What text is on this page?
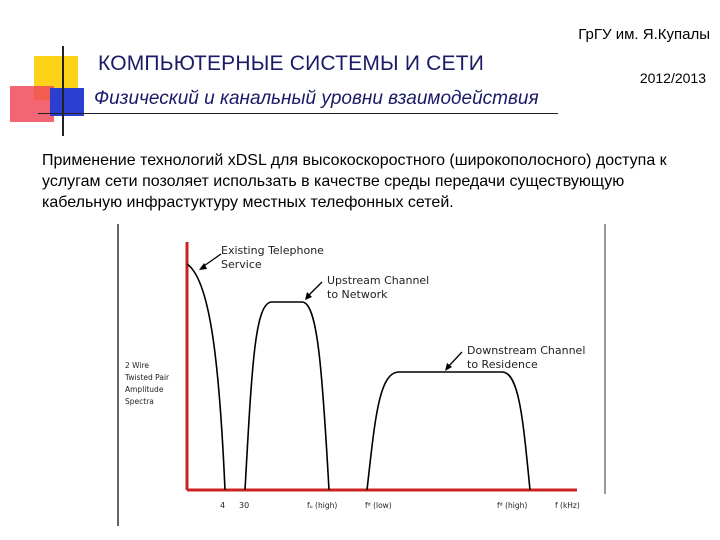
ГрГУ им. Я.Купалы
2012/2013
КОМПЬЮТЕРНЫЕ СИСТЕМЫ И СЕТИ
Физический и канальный уровни взаимодействия
Применение технологий xDSL для высокоскоростного (широкополосного) доступа к услугам сети позоляет использать в качестве среды передачи существующую кабельную инфрастуктуру местных телефонных сетей.
Existing Telephone
Service
Upstream Channel
to Network
Downstream Channel
to Residence
2 Wire
Twisted Pair
Amplitude
Spectra
4 30	fᵤ (high)	fᵈ (low)	fᵈ (high)	f (kHz)
